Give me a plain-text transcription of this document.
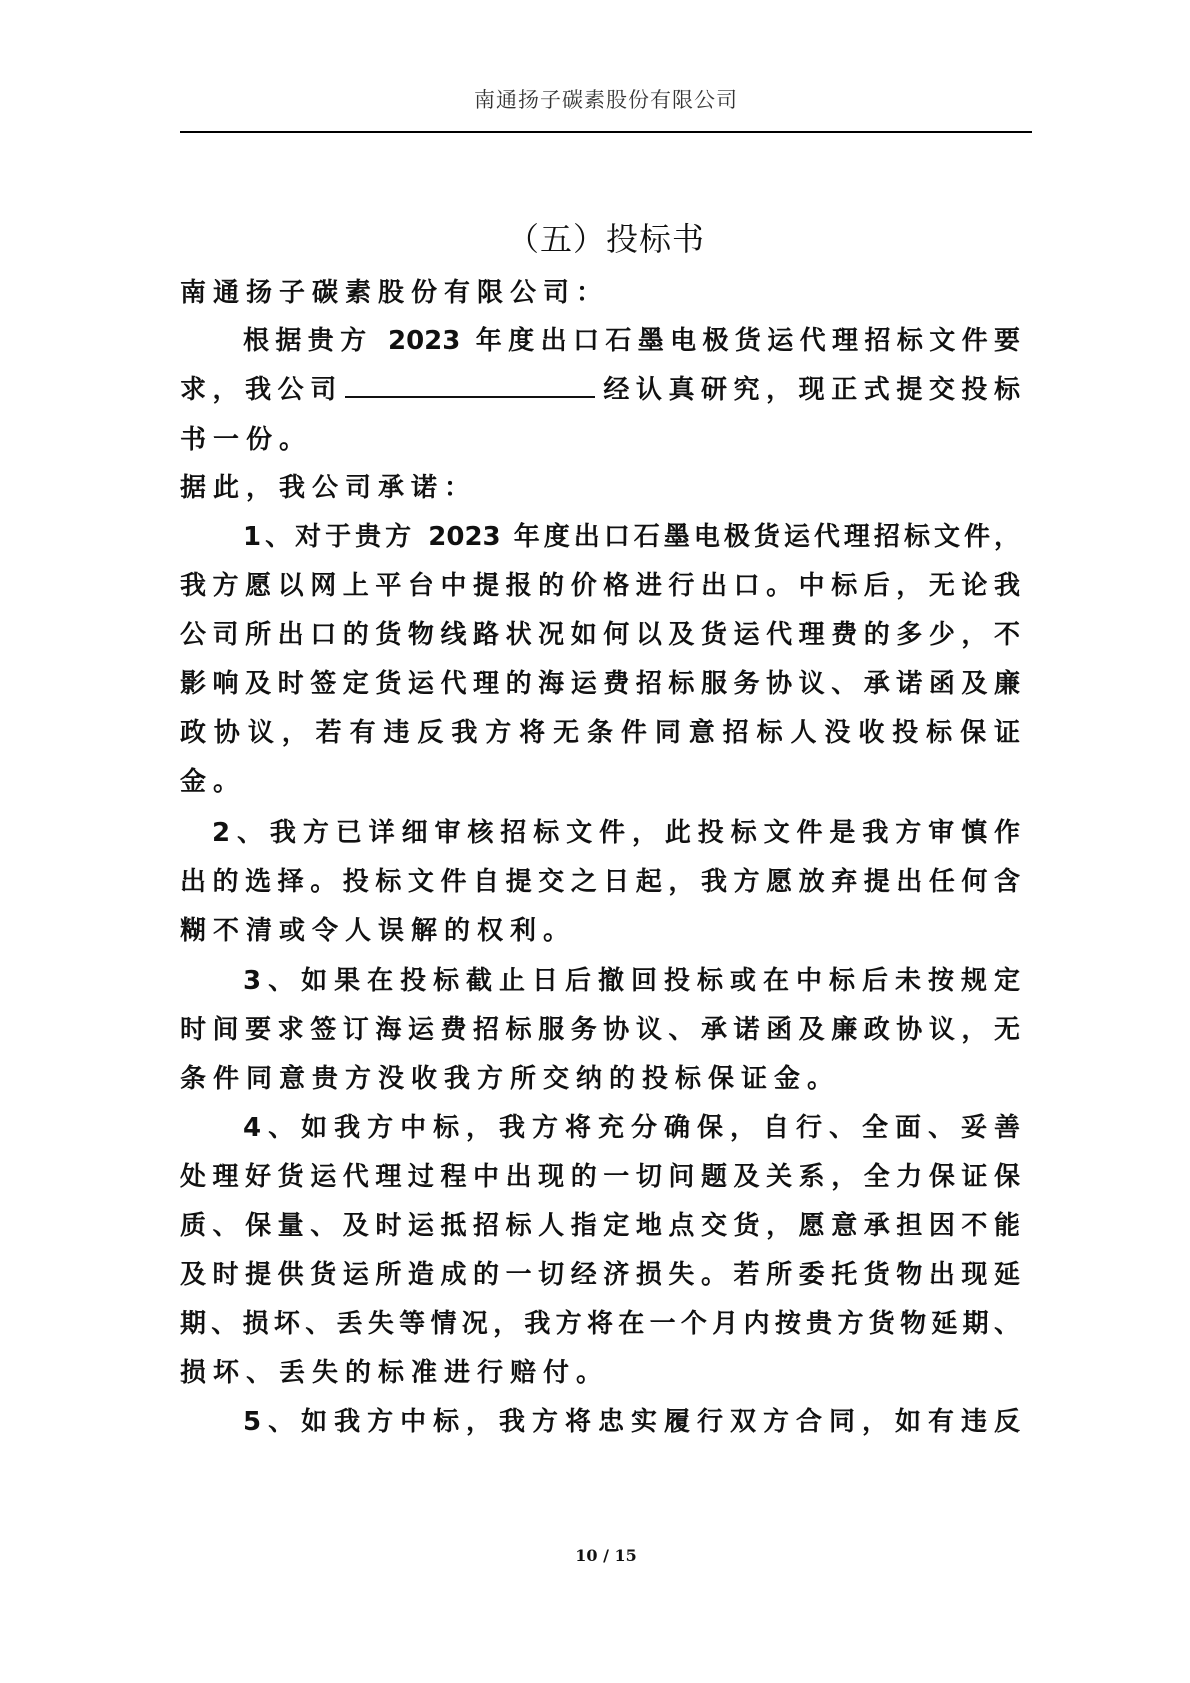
南通扬子碳素股份有限公司
（五）投标书
南通扬子碳素股份有限公司：
根据贵方 2023 年度出口石墨电极货运代理招标文件要
求，我公司	经认真研究，现正式提交投标
书一份。
据此，我公司承诺：
1、对于贵方 2023 年度出口石墨电极货运代理招标文件，
我方愿以网上平台中提报的价格进行出口。中标后，无论我
公司所出口的货物线路状况如何以及货运代理费的多少，不
影响及时签定货运代理的海运费招标服务协议、承诺函及廉
政协议，若有违反我方将无条件同意招标人没收投标保证
金。
2、我方已详细审核招标文件，此投标文件是我方审慎作
出的选择。投标文件自提交之日起，我方愿放弃提出任何含
糊不清或令人误解的权利。
3、如果在投标截止日后撤回投标或在中标后未按规定
时间要求签订海运费招标服务协议、承诺函及廉政协议，无
条件同意贵方没收我方所交纳的投标保证金。
4、如我方中标，我方将充分确保，自行、全面、妥善
处理好货运代理过程中出现的一切问题及关系，全力保证保
质、保量、及时运抵招标人指定地点交货，愿意承担因不能
及时提供货运所造成的一切经济损失。若所委托货物出现延
期、损坏、丢失等情况，我方将在一个月内按贵方货物延期、
损坏、丢失的标准进行赔付。
5、如我方中标，我方将忠实履行双方合同，如有违反
10 / 15
